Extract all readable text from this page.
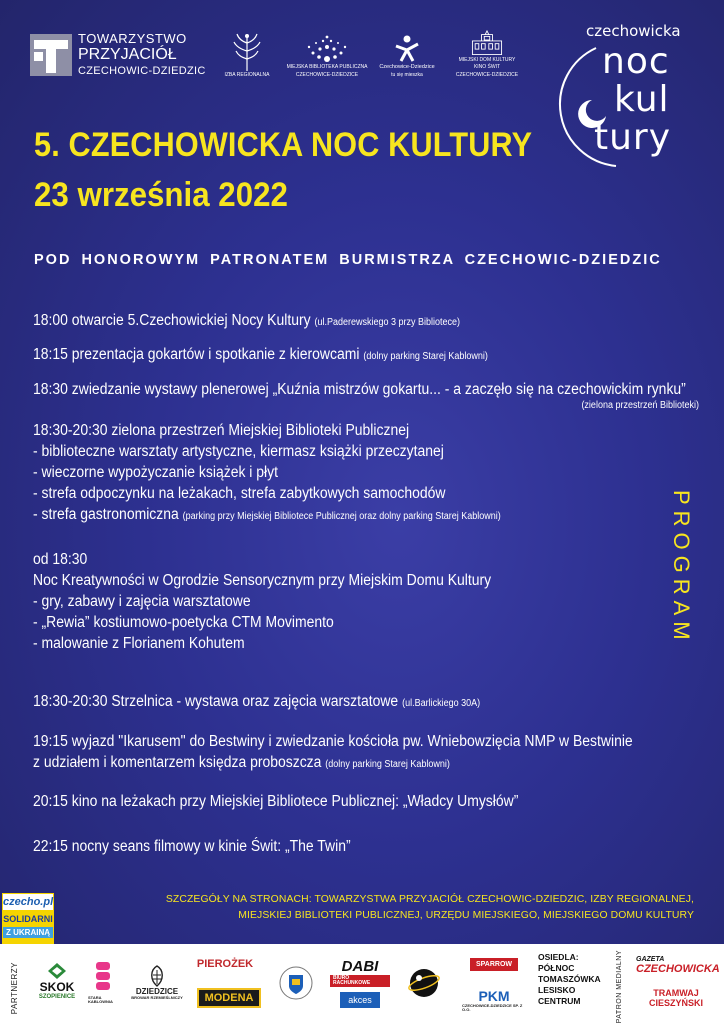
TOWARZYSTWO
PRZYJACIÓŁ
CZECHOWIC-DZIEDZIC	IZBA REGIONALNA
MIEJSKA BIBLIOTEKA PUBLICZNA
CZECHOWICE-DZIEDZICE
Czechowice-Dziedzice
tu się mieszka
MIEJSKI DOM KULTURY
KINO ŚWIT
CZECHOWICE-DZIEDZICE
czechowicka
noc
kul
tury
5. CZECHOWICKA NOC KULTURY
23 września 2022
POD HONOROWYM PATRONATEM BURMISTRZA CZECHOWIC-DZIEDZIC
18:00 otwarcie 5.Czechowickiej Nocy Kultury (ul.Paderewskiego 3 przy Bibliotece)
18:15 prezentacja gokartów i spotkanie z kierowcami (dolny parking Starej Kablowni)
18:30 zwiedzanie wystawy plenerowej „Kuźnia mistrzów gokartu... - a zaczęło się na czechowickim rynku”
(zielona przestrzeń Biblioteki)
18:30-20:30 zielona przestrzeń Miejskiej Biblioteki Publicznej
- biblioteczne warsztaty artystyczne, kiermasz książki przeczytanej
- wieczorne wypożyczanie książek i płyt
- strefa odpoczynku na leżakach, strefa zabytkowych samochodów
- strefa gastronomiczna (parking przy Miejskiej Bibliotece Publicznej oraz dolny parking Starej Kablowni)
od 18:30
Noc Kreatywności w Ogrodzie Sensorycznym przy Miejskim Domu Kultury
- gry, zabawy i zajęcia warsztatowe
- „Rewia” kostiumowo-poetycka CTM Movimento
- malowanie z Florianem Kohutem
18:30-20:30 Strzelnica - wystawa oraz zajęcia warsztatowe (ul.Barlickiego 30A)
19:15 wyjazd "Ikarusem" do Bestwiny i zwiedzanie kościoła pw. Wniebowzięcia NMP w Bestwinie
z udziałem i komentarzem księdza proboszcza (dolny parking Starej Kablowni)
20:15 kino na leżakach przy Miejskiej Bibliotece Publicznej: „Władcy Umysłów”
22:15 nocny seans filmowy w kinie Świt: „The Twin”
PROGRAM
SZCZEGÓŁY NA STRONACH: TOWARZYSTWA PRZYJACIÓŁ CZECHOWIC-DZIEDZIC, IZBY REGIONALNEJ,
MIEJSKIEJ BIBLIOTEKI PUBLICZNEJ, URZĘDU MIEJSKIEGO, MIEJSKIEGO DOMU KULTURY
czecho.pl
SOLIDARNI
Z UKRAINĄ
PARTNERZY SKOK
SZOPIENICE	STARA KABLOWNIA
DZIEDZICE
BROWAR RZEMIEŚLNICZY
PIEROŻEK
MODENA
DABI
BIURO RACHUNKOWE
akces
SPARROW
PKM
CZECHOWICE-DZIEDZICE SP. Z O.O.
OSIEDLA:
PÓŁNOC
TOMASZÓWKA
LESISKO
CENTRUM	PATRON MEDIALNY GAZETA
CZECHOWICKA
TRAMWAJ
CIESZYŃSKI
